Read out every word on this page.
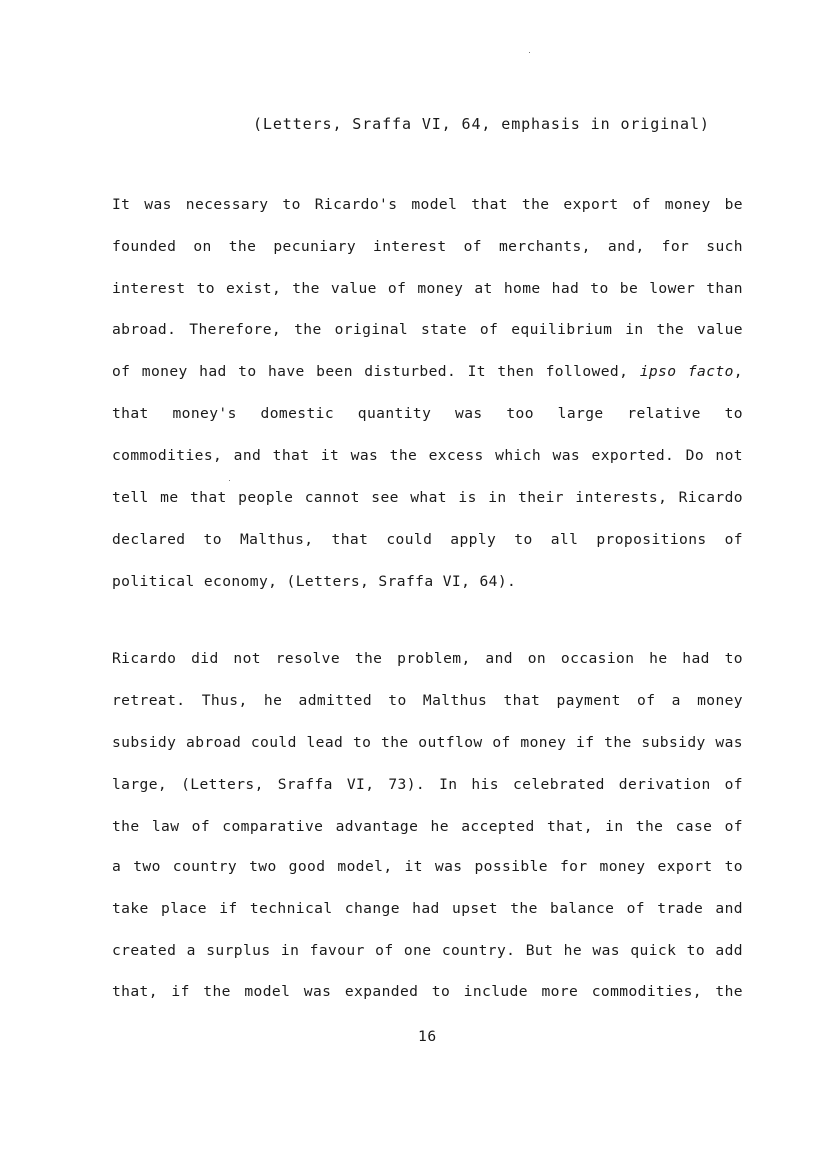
(Letters, Sraffa VI, 64, emphasis in original)
It was necessary to Ricardo's model that the export of money be
founded on the pecuniary interest of merchants, and, for such
interest to exist, the value of money at home had to be lower than
abroad. Therefore, the original state of equilibrium in the value
of money had to have been disturbed. It then followed, ipso facto,
that money's domestic quantity was too large relative to
commodities, and that it was the excess which was exported. Do not
tell me that people cannot see what is in their interests, Ricardo
declared to Malthus, that could apply to all propositions of
political economy, (Letters, Sraffa VI, 64).
Ricardo did not resolve the problem, and on occasion he had to
retreat. Thus, he admitted to Malthus that payment of a money
subsidy abroad could lead to the outflow of money if the subsidy was
large, (Letters, Sraffa VI, 73). In his celebrated derivation of
the law of comparative advantage he accepted that, in the case of
a two country two good model, it was possible for money export to
take place if technical change had upset the balance of trade and
created a surplus in favour of one country. But he was quick to add
that, if the model was expanded to include more commodities, the
16
